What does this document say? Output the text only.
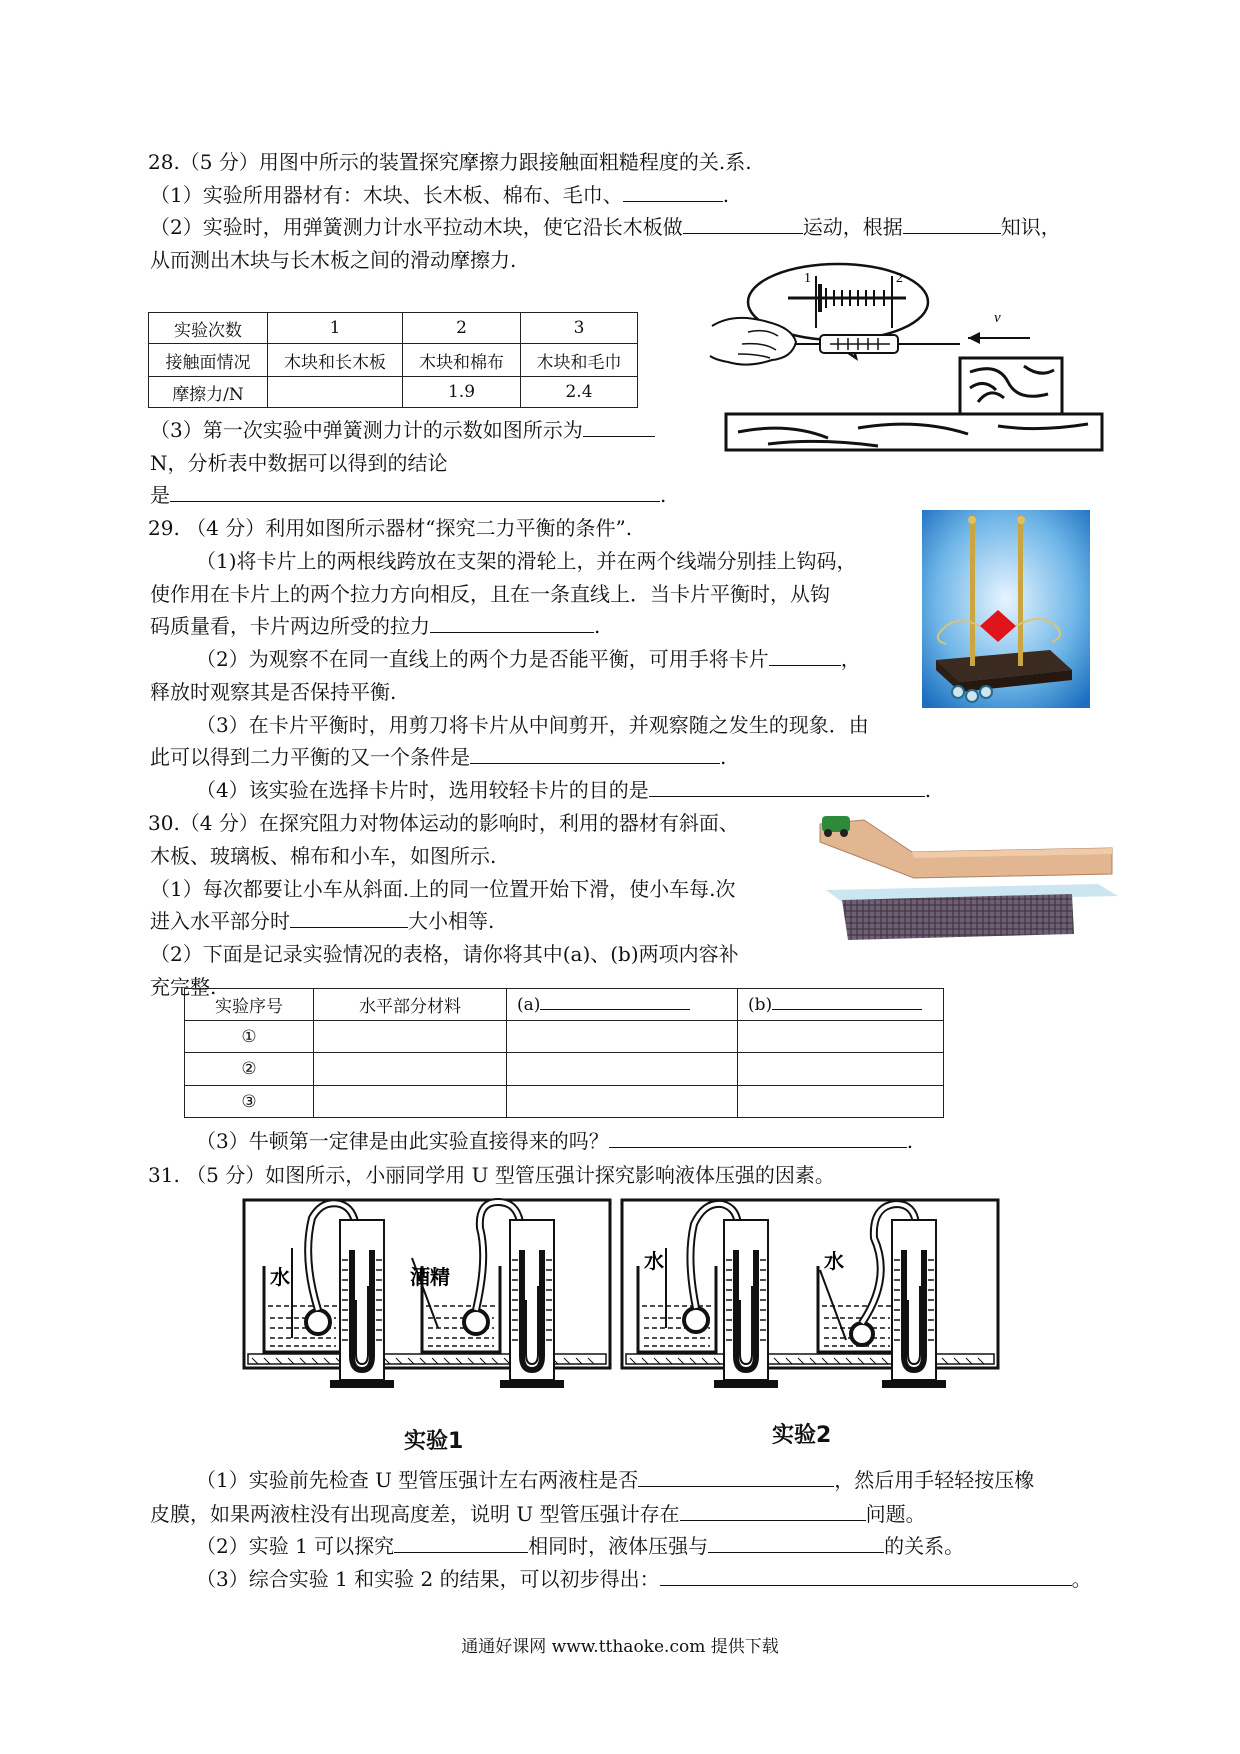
28.（5 分）用图中所示的装置探究摩擦力跟接触面粗糙程度的关.系.
（1）实验所用器材有：木块、长木板、棉布、毛巾、	.
（2）实验时，用弹簧测力计水平拉动木块，使它沿长木板做	运动，根据	知识，
从而测出木块与长木板之间的滑动摩擦力.
实验次数	1	2	3
接触面情况	木块和长木板	木块和棉布	木块和毛巾
摩擦力/N		1.9	2.4
1	2
v
（3）第一次实验中弹簧测力计的示数如图所示为
N，分析表中数据可以得到的结论
是	.
29. （4 分）利用如图所示器材“探究二力平衡的条件”.
（1)将卡片上的两根线跨放在支架的滑轮上，并在两个线端分别挂上钩码，
使作用在卡片上的两个拉力方向相反，且在一条直线上．当卡片平衡时，从钩
码质量看，卡片两边所受的拉力	.
（2）为观察不在同一直线上的两个力是否能平衡，可用手将卡片	，
释放时观察其是否保持平衡.
（3）在卡片平衡时，用剪刀将卡片从中间剪开，并观察随之发生的现象．由
此可以得到二力平衡的又一个条件是	.
（4）该实验在选择卡片时，选用较轻卡片的目的是	.
30.（4 分）在探究阻力对物体运动的影响时，利用的器材有斜面、
木板、玻璃板、棉布和小车，如图所示.
（1）每次都要让小车从斜面.上的同一位置开始下滑，使小车每.次
进入水平部分时	大小相等.
（2）下面是记录实验情况的表格，请你将其中(a)、(b)两项内容补
充完整.
实验序号	水平部分材料	(a)	(b)
①			
②			
③			
（3）牛顿第一定律是由此实验直接得来的吗？	.
31. （5 分）如图所示，小丽同学用 U 型管压强计探究影响液体压强的因素。
水	酒精
水	水
实验1	实验2
（1）实验前先检查 U 型管压强计左右两液柱是否	，然后用手轻轻按压橡
皮膜，如果两液柱没有出现高度差，说明 U 型管压强计存在	问题。
（2）实验 1 可以探究	相同时，液体压强与	的关系。
（3）综合实验 1 和实验 2 的结果，可以初步得出：	。
通通好课网 www.tthaoke.com 提供下载
